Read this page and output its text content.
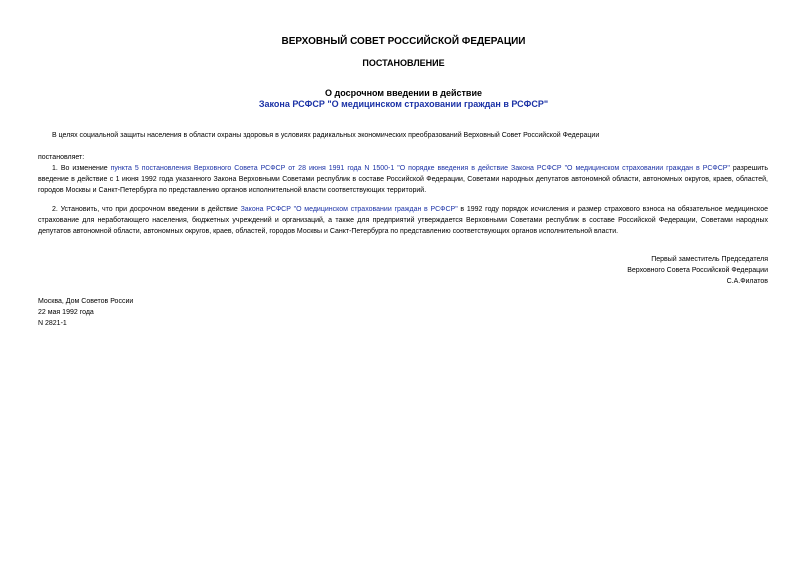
ВЕРХОВНЫЙ СОВЕТ РОССИЙСКОЙ ФЕДЕРАЦИИ
ПОСТАНОВЛЕНИЕ
О досрочном введении в действие
Закона РСФСР "О медицинском страховании граждан в РСФСР"
В целях социальной защиты населения в области охраны здоровья в условиях радикальных экономических преобразований Верховный Совет Российской Федерации
постановляет:
1. Во изменение пункта 5 постановления Верховного Совета РСФСР от 28 июня 1991 года N 1500-1 "О порядке введения в действие Закона РСФСР "О медицинском страховании граждан в РСФСР" разрешить введение в действие с 1 июня 1992 года указанного Закона Верховными Советами республик в составе Российской Федерации, Советами народных депутатов автономной области, автономных округов, краев, областей, городов Москвы и Санкт-Петербурга по представлению органов исполнительной власти соответствующих территорий.
2. Установить, что при досрочном введении в действие Закона РСФСР "О медицинском страховании граждан в РСФСР" в 1992 году порядок исчисления и размер страхового взноса на обязательное медицинское страхование для неработающего населения, бюджетных учреждений и организаций, а также для предприятий утверждается Верховными Советами республик в составе Российской Федерации, Советами народных депутатов автономной области, автономных округов, краев, областей, городов Москвы и Санкт-Петербурга по представлению соответствующих органов исполнительной власти.
Первый заместитель Председателя
Верховного Совета Российской Федерации
С.А.Филатов
Москва, Дом Советов России
22 мая 1992 года
N 2821-1
